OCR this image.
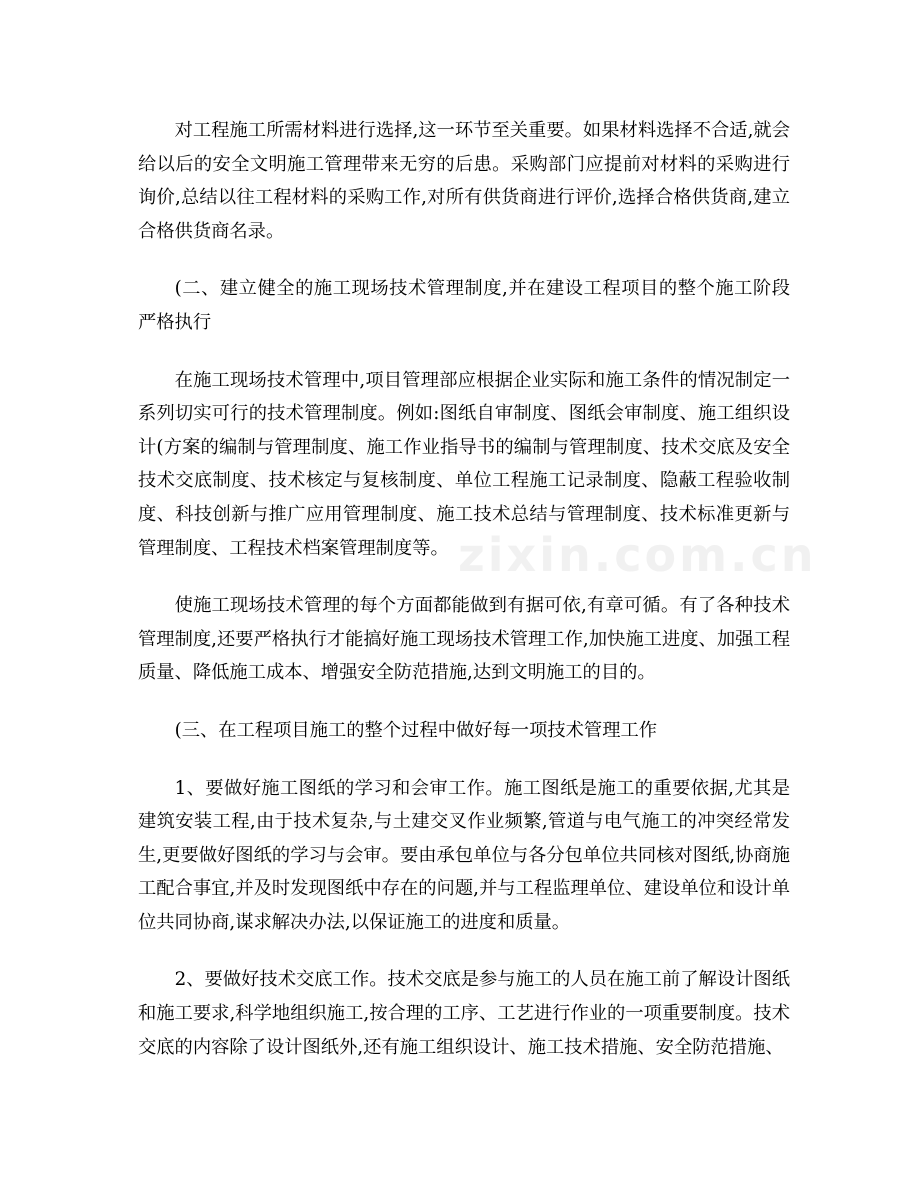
对工程施工所需材料进行选择,这一环节至关重要。如果材料选择不合适,就会给以后的安全文明施工管理带来无穷的后患。采购部门应提前对材料的采购进行询价,总结以往工程材料的采购工作,对所有供货商进行评价,选择合格供货商,建立合格供货商名录。

(二、建立健全的施工现场技术管理制度,并在建设工程项目的整个施工阶段严格执行

在施工现场技术管理中,项目管理部应根据企业实际和施工条件的情况制定一系列切实可行的技术管理制度。例如:图纸自审制度、图纸会审制度、施工组织设计(方案的编制与管理制度、施工作业指导书的编制与管理制度、技术交底及安全技术交底制度、技术核定与复核制度、单位工程施工记录制度、隐蔽工程验收制度、科技创新与推广应用管理制度、施工技术总结与管理制度、技术标准更新与管理制度、工程技术档案管理制度等。

使施工现场技术管理的每个方面都能做到有据可依,有章可循。有了各种技术管理制度,还要严格执行才能搞好施工现场技术管理工作,加快施工进度、加强工程质量、降低施工成本、增强安全防范措施,达到文明施工的目的。

(三、在工程项目施工的整个过程中做好每一项技术管理工作

1、要做好施工图纸的学习和会审工作。施工图纸是施工的重要依据,尤其是建筑安装工程,由于技术复杂,与土建交叉作业频繁,管道与电气施工的冲突经常发生,更要做好图纸的学习与会审。要由承包单位与各分包单位共同核对图纸,协商施工配合事宜,并及时发现图纸中存在的问题,并与工程监理单位、建设单位和设计单位共同协商,谋求解决办法,以保证施工的进度和质量。

2、要做好技术交底工作。技术交底是参与施工的人员在施工前了解设计图纸和施工要求,科学地组织施工,按合理的工序、工艺进行作业的一项重要制度。技术交底的内容除了设计图纸外,还有施工组织设计、施工技术措施、安全防范措施、

zixin.com.cn
